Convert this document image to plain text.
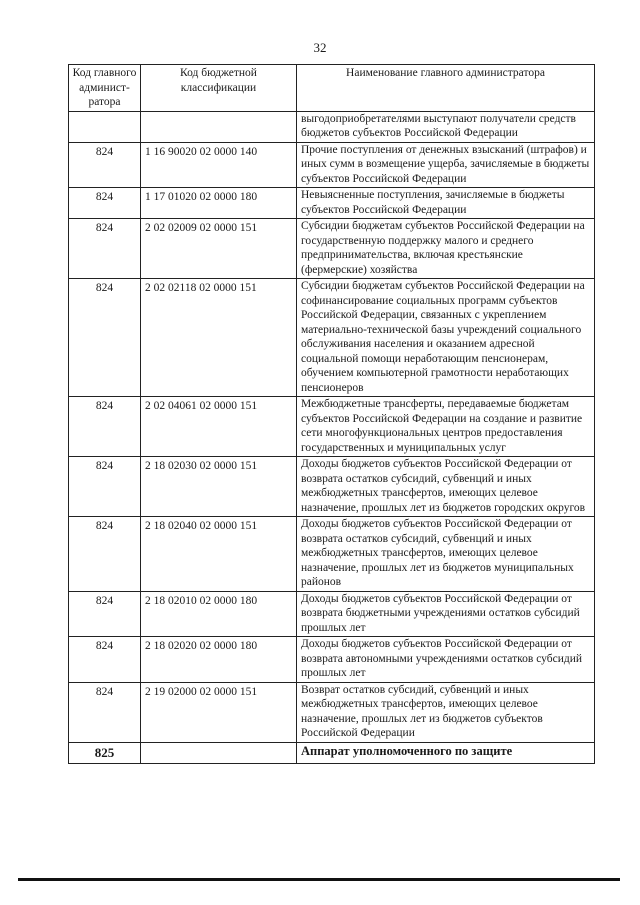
32
Код главного админист-ратора	Код бюджетной классификации	Наименование главного администратора
		выгодоприобретателями выступают получатели средств бюджетов субъектов Российской Федерации
824	1 16 90020 02 0000 140	Прочие поступления от денежных взысканий (штрафов) и иных сумм в возмещение ущерба, зачисляемые в бюджеты субъектов Российской Федерации
824	1 17 01020 02 0000 180	Невыясненные поступления, зачисляемые в бюджеты субъектов Российской Федерации
824	2 02 02009 02 0000 151	Субсидии бюджетам субъектов Российской Федерации на государственную поддержку малого и среднего предпринимательства, включая крестьянские (фермерские) хозяйства
824	2 02 02118 02 0000 151	Субсидии бюджетам субъектов Российской Федерации на софинансирование социальных программ субъектов Российской Федерации, связанных с укреплением материально-технической базы учреждений социального обслуживания населения и оказанием адресной социальной помощи неработающим пенсионерам, обучением компьютерной грамотности неработающих пенсионеров
824	2 02 04061 02 0000 151	Межбюджетные трансферты, передаваемые бюджетам субъектов Российской Федерации на создание и развитие сети многофункциональных центров предоставления государственных и муниципальных услуг
824	2 18 02030 02 0000 151	Доходы бюджетов субъектов Российской Федерации от возврата остатков субсидий, субвенций и иных межбюджетных трансфертов, имеющих целевое назначение, прошлых лет из бюджетов городских округов
824	2 18 02040 02 0000 151	Доходы бюджетов субъектов Российской Федерации от возврата остатков субсидий, субвенций и иных межбюджетных трансфертов, имеющих целевое назначение, прошлых лет из бюджетов муниципальных районов
824	2 18 02010 02 0000 180	Доходы бюджетов субъектов Российской Федерации от возврата бюджетными учреждениями остатков субсидий прошлых лет
824	2 18 02020 02 0000 180	Доходы бюджетов субъектов Российской Федерации от возврата автономными учреждениями остатков субсидий прошлых лет
824	2 19 02000 02 0000 151	Возврат остатков субсидий, субвенций и иных межбюджетных трансфертов, имеющих целевое назначение, прошлых лет из бюджетов субъектов Российской Федерации
825		Аппарат уполномоченного по защите
